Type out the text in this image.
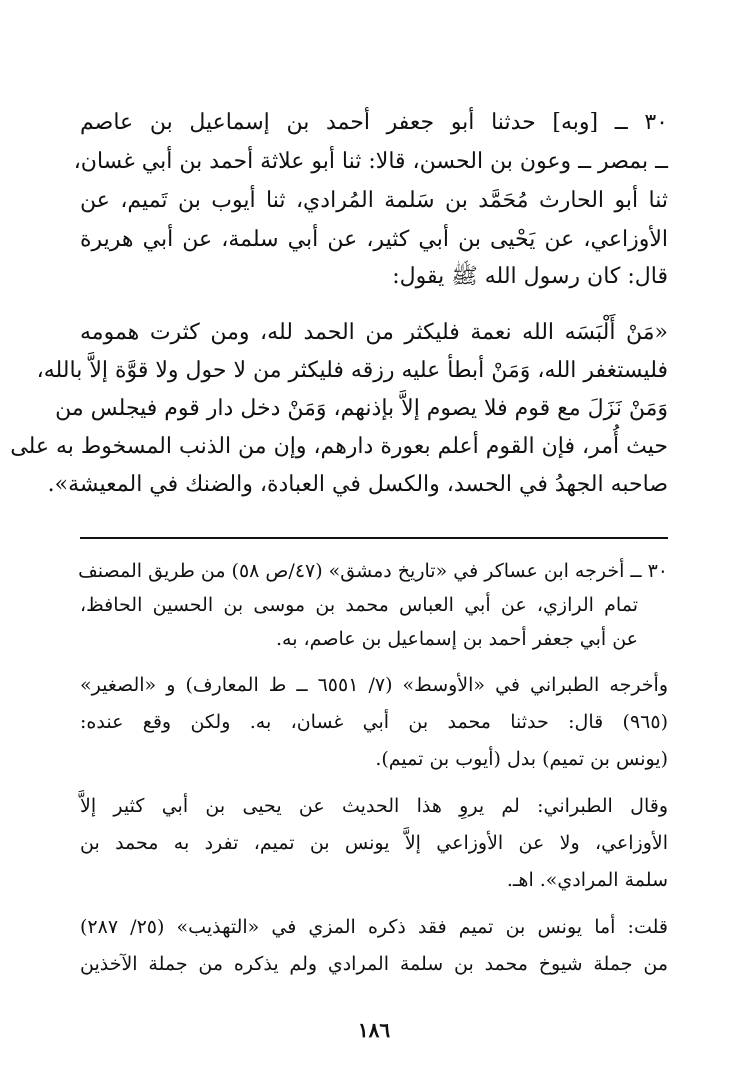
٣٠ ــ [وبه] حدثنا أبو جعفر أحمد بن إسماعيل بن عاصم
ــ بمصر ــ وعون بن الحسن، قالا: ثنا أبو علاثة أحمد بن أبي غسان،
ثنا أبو الحارث مُحَمَّد بن سَلمة المُرادي، ثنا أيوب بن تَميم، عن
الأوزاعي، عن يَحْيى بن أبي كثير، عن أبي سلمة، عن أبي هريرة
قال: كان رسول الله ﷺ يقول:
«مَنْ أَلْبَسَه الله نعمة فليكثر من الحمد لله، ومن كثرت همومه
فليستغفر الله، وَمَنْ أبطأ عليه رزقه فليكثر من لا حول ولا قوَّة إلاَّ بالله،
وَمَنْ نَزَلَ مع قوم فلا يصوم إلاَّ بإذنهم، وَمَنْ دخل دار قوم فيجلس من
حيث أُمر، فإن القوم أعلم بعورة دارهم، وإن من الذنب المسخوط به على
صاحبه الجهدُ في الحسد، والكسل في العبادة، والضنك في المعيشة».
٣٠ ــ أخرجه ابن عساكر في «تاريخ دمشق» (٤٧/ص ٥٨) من طريق المصنف
تمام الرازي، عن أبي العباس محمد بن موسى بن الحسين الحافظ،
عن أبي جعفر أحمد بن إسماعيل بن عاصم، به.
وأخرجه الطبراني في «الأوسط» (٧/ ٦٥٥١ ــ ط المعارف) و «الصغير»
(٩٦٥) قال: حدثنا محمد بن أبي غسان، به. ولكن وقع عنده:
(يونس بن تميم) بدل (أيوب بن تميم).
وقال الطبراني: لم يروِ هذا الحديث عن يحيى بن أبي كثير إلاَّ
الأوزاعي، ولا عن الأوزاعي إلاَّ يونس بن تميم، تفرد به محمد بن
سلمة المرادي». اهـ.
قلت: أما يونس بن تميم فقد ذكره المزي في «التهذيب» (٢٥/ ٢٨٧)
من جملة شيوخ محمد بن سلمة المرادي ولم يذكره من جملة الآخذين
١٨٦
